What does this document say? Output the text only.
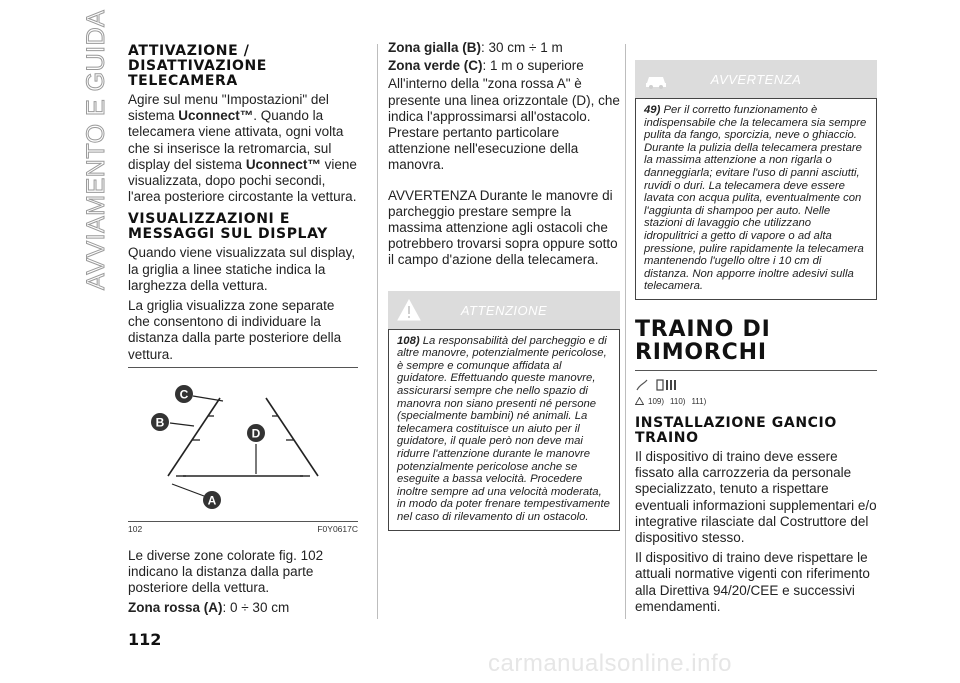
AVVIAMENTO E GUIDA
112
ATTIVAZIONE / DISATTIVAZIONE TELECAMERA

Agire sul menu "Impostazioni" del sistema Uconnect™. Quando la telecamera viene attivata, ogni volta che si inserisce la retromarcia, sul display del sistema Uconnect™ viene visualizzata, dopo pochi secondi, l'area posteriore circostante la vettura.

VISUALIZZAZIONI E MESSAGGI SUL DISPLAY

Quando viene visualizzata sul display, la griglia a linee statiche indica la larghezza della vettura.

La griglia visualizza zone separate che consentono di individuare la distanza dalla parte posteriore della vettura.

C
B
D
A
102	F0Y0617C

Le diverse zone colorate fig. 102 indicano la distanza dalla parte posteriore della vettura.

Zona rossa (A): 0 ÷ 30 cm

Zona gialla (B): 30 cm ÷ 1 m

Zona verde (C): 1 m o superiore

All'interno della "zona rossa A" è presente una linea orizzontale (D), che indica l'approssimarsi all'ostacolo. Prestare pertanto particolare attenzione nell'esecuzione della manovra.

AVVERTENZA Durante le manovre di parcheggio prestare sempre la massima attenzione agli ostacoli che potrebbero trovarsi sopra oppure sotto il campo d'azione della telecamera.

ATTENZIONE
108) La responsabilità del parcheggio e di altre manovre, potenzialmente pericolose, è sempre e comunque affidata al guidatore. Effettuando queste manovre, assicurarsi sempre che nello spazio di manovra non siano presenti né persone (specialmente bambini) né animali. La telecamera costituisce un aiuto per il guidatore, il quale però non deve mai ridurre l'attenzione durante le manovre potenzialmente pericolose anche se eseguite a bassa velocità. Procedere inoltre sempre ad una velocità moderata, in modo da poter frenare tempestivamente nel caso di rilevamento di un ostacolo.
AVVERTENZA
49) Per il corretto funzionamento è indispensabile che la telecamera sia sempre pulita da fango, sporcizia, neve o ghiaccio. Durante la pulizia della telecamera prestare la massima attenzione a non rigarla o danneggiarla; evitare l'uso di panni asciutti, ruvidi o duri. La telecamera deve essere lavata con acqua pulita, eventualmente con l'aggiunta di shampoo per auto. Nelle stazioni di lavaggio che utilizzano idropulitrici a getto di vapore o ad alta pressione, pulire rapidamente la telecamera mantenendo l'ugello oltre i 10 cm di distanza. Non apporre inoltre adesivi sulla telecamera.
TRAINO DI RIMORCHI
109) 110) 111)
INSTALLAZIONE GANCIO TRAINO

Il dispositivo di traino deve essere fissato alla carrozzeria da personale specializzato, tenuto a rispettare eventuali informazioni supplementari e/o integrative rilasciate dal Costruttore del dispositivo stesso.

Il dispositivo di traino deve rispettare le attuali normative vigenti con riferimento alla Direttiva 94/20/CEE e successivi emendamenti.

carmanualsonline.info
